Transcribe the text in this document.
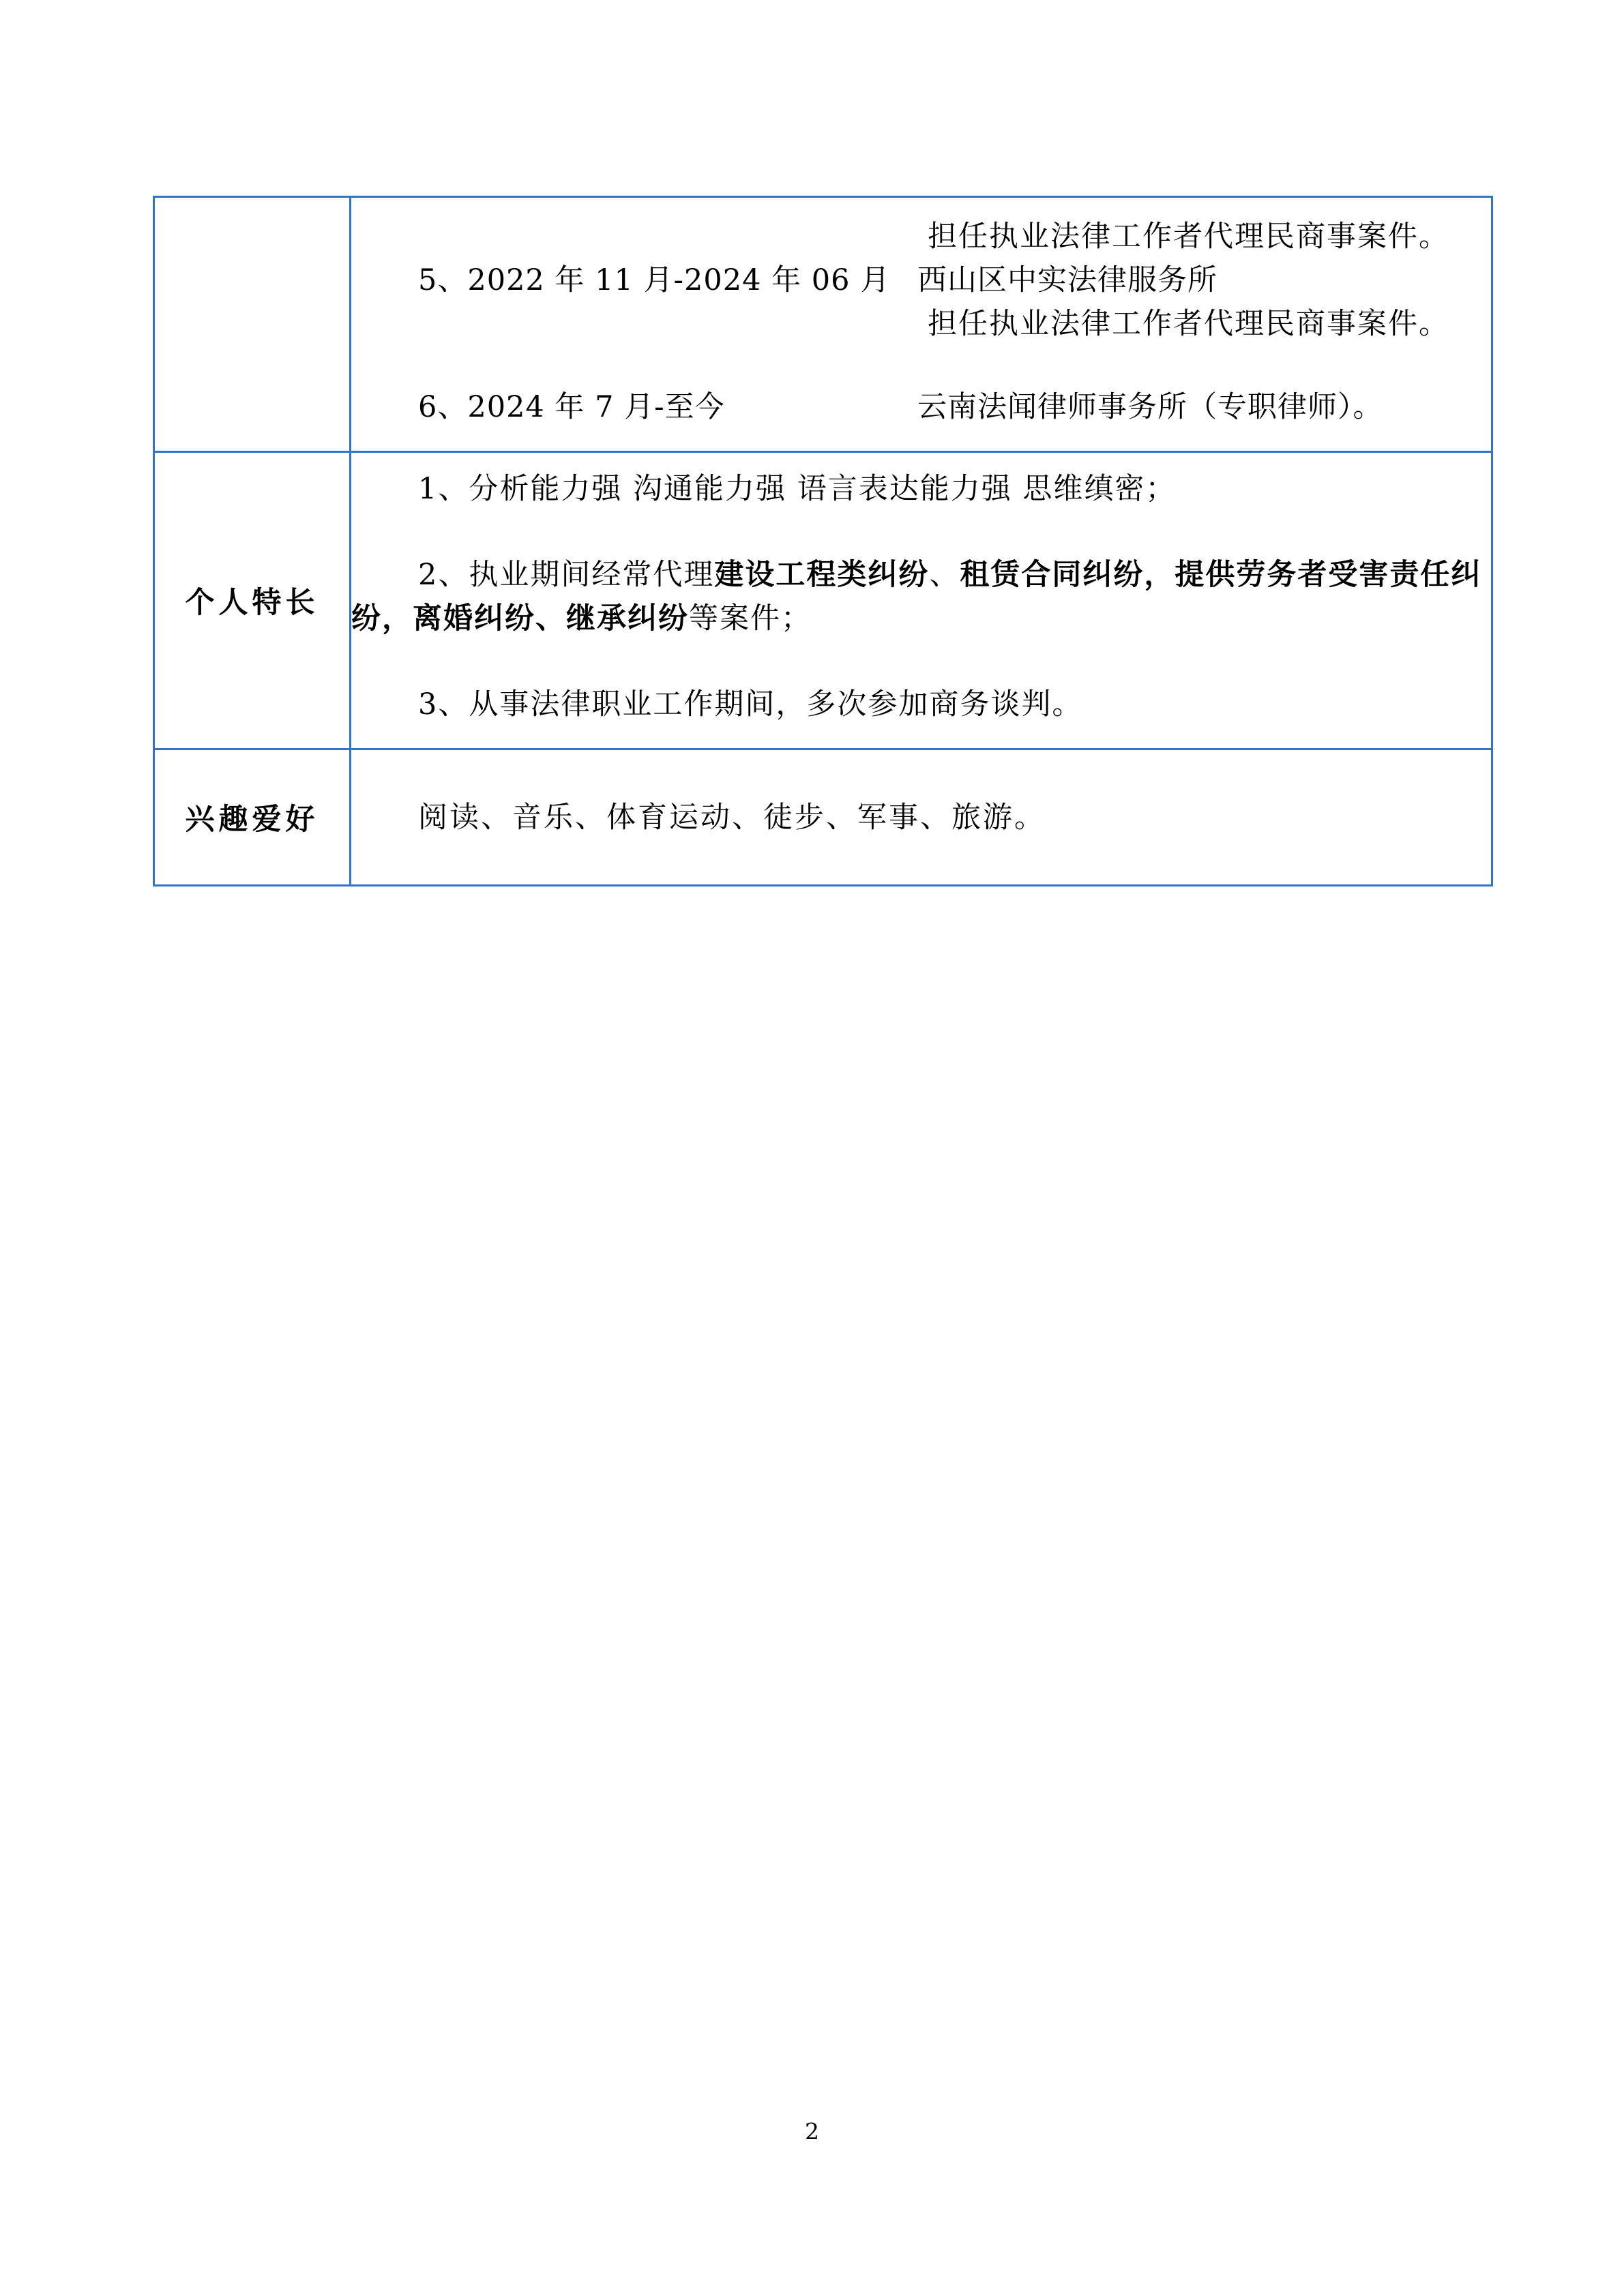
	担任执业法律工作者代理民商事案件。
5、2022 年 11 月-2024 年 06 月 西山区中实法律服务所
担任执业法律工作者代理民商事案件。
6、2024 年 7 月-至今 云南法闻律师事务所（专职律师）。

个人特长	1、分析能力强 沟通能力强 语言表达能力强 思维缜密；
2、执业期间经常代理建设工程类纠纷、租赁合同纠纷，提供劳务者受害责任纠纷，离婚纠纷、继承纠纷等案件；
3、从事法律职业工作期间，多次参加商务谈判。

兴趣爱好	阅读、音乐、体育运动、徒步、军事、旅游。
2
